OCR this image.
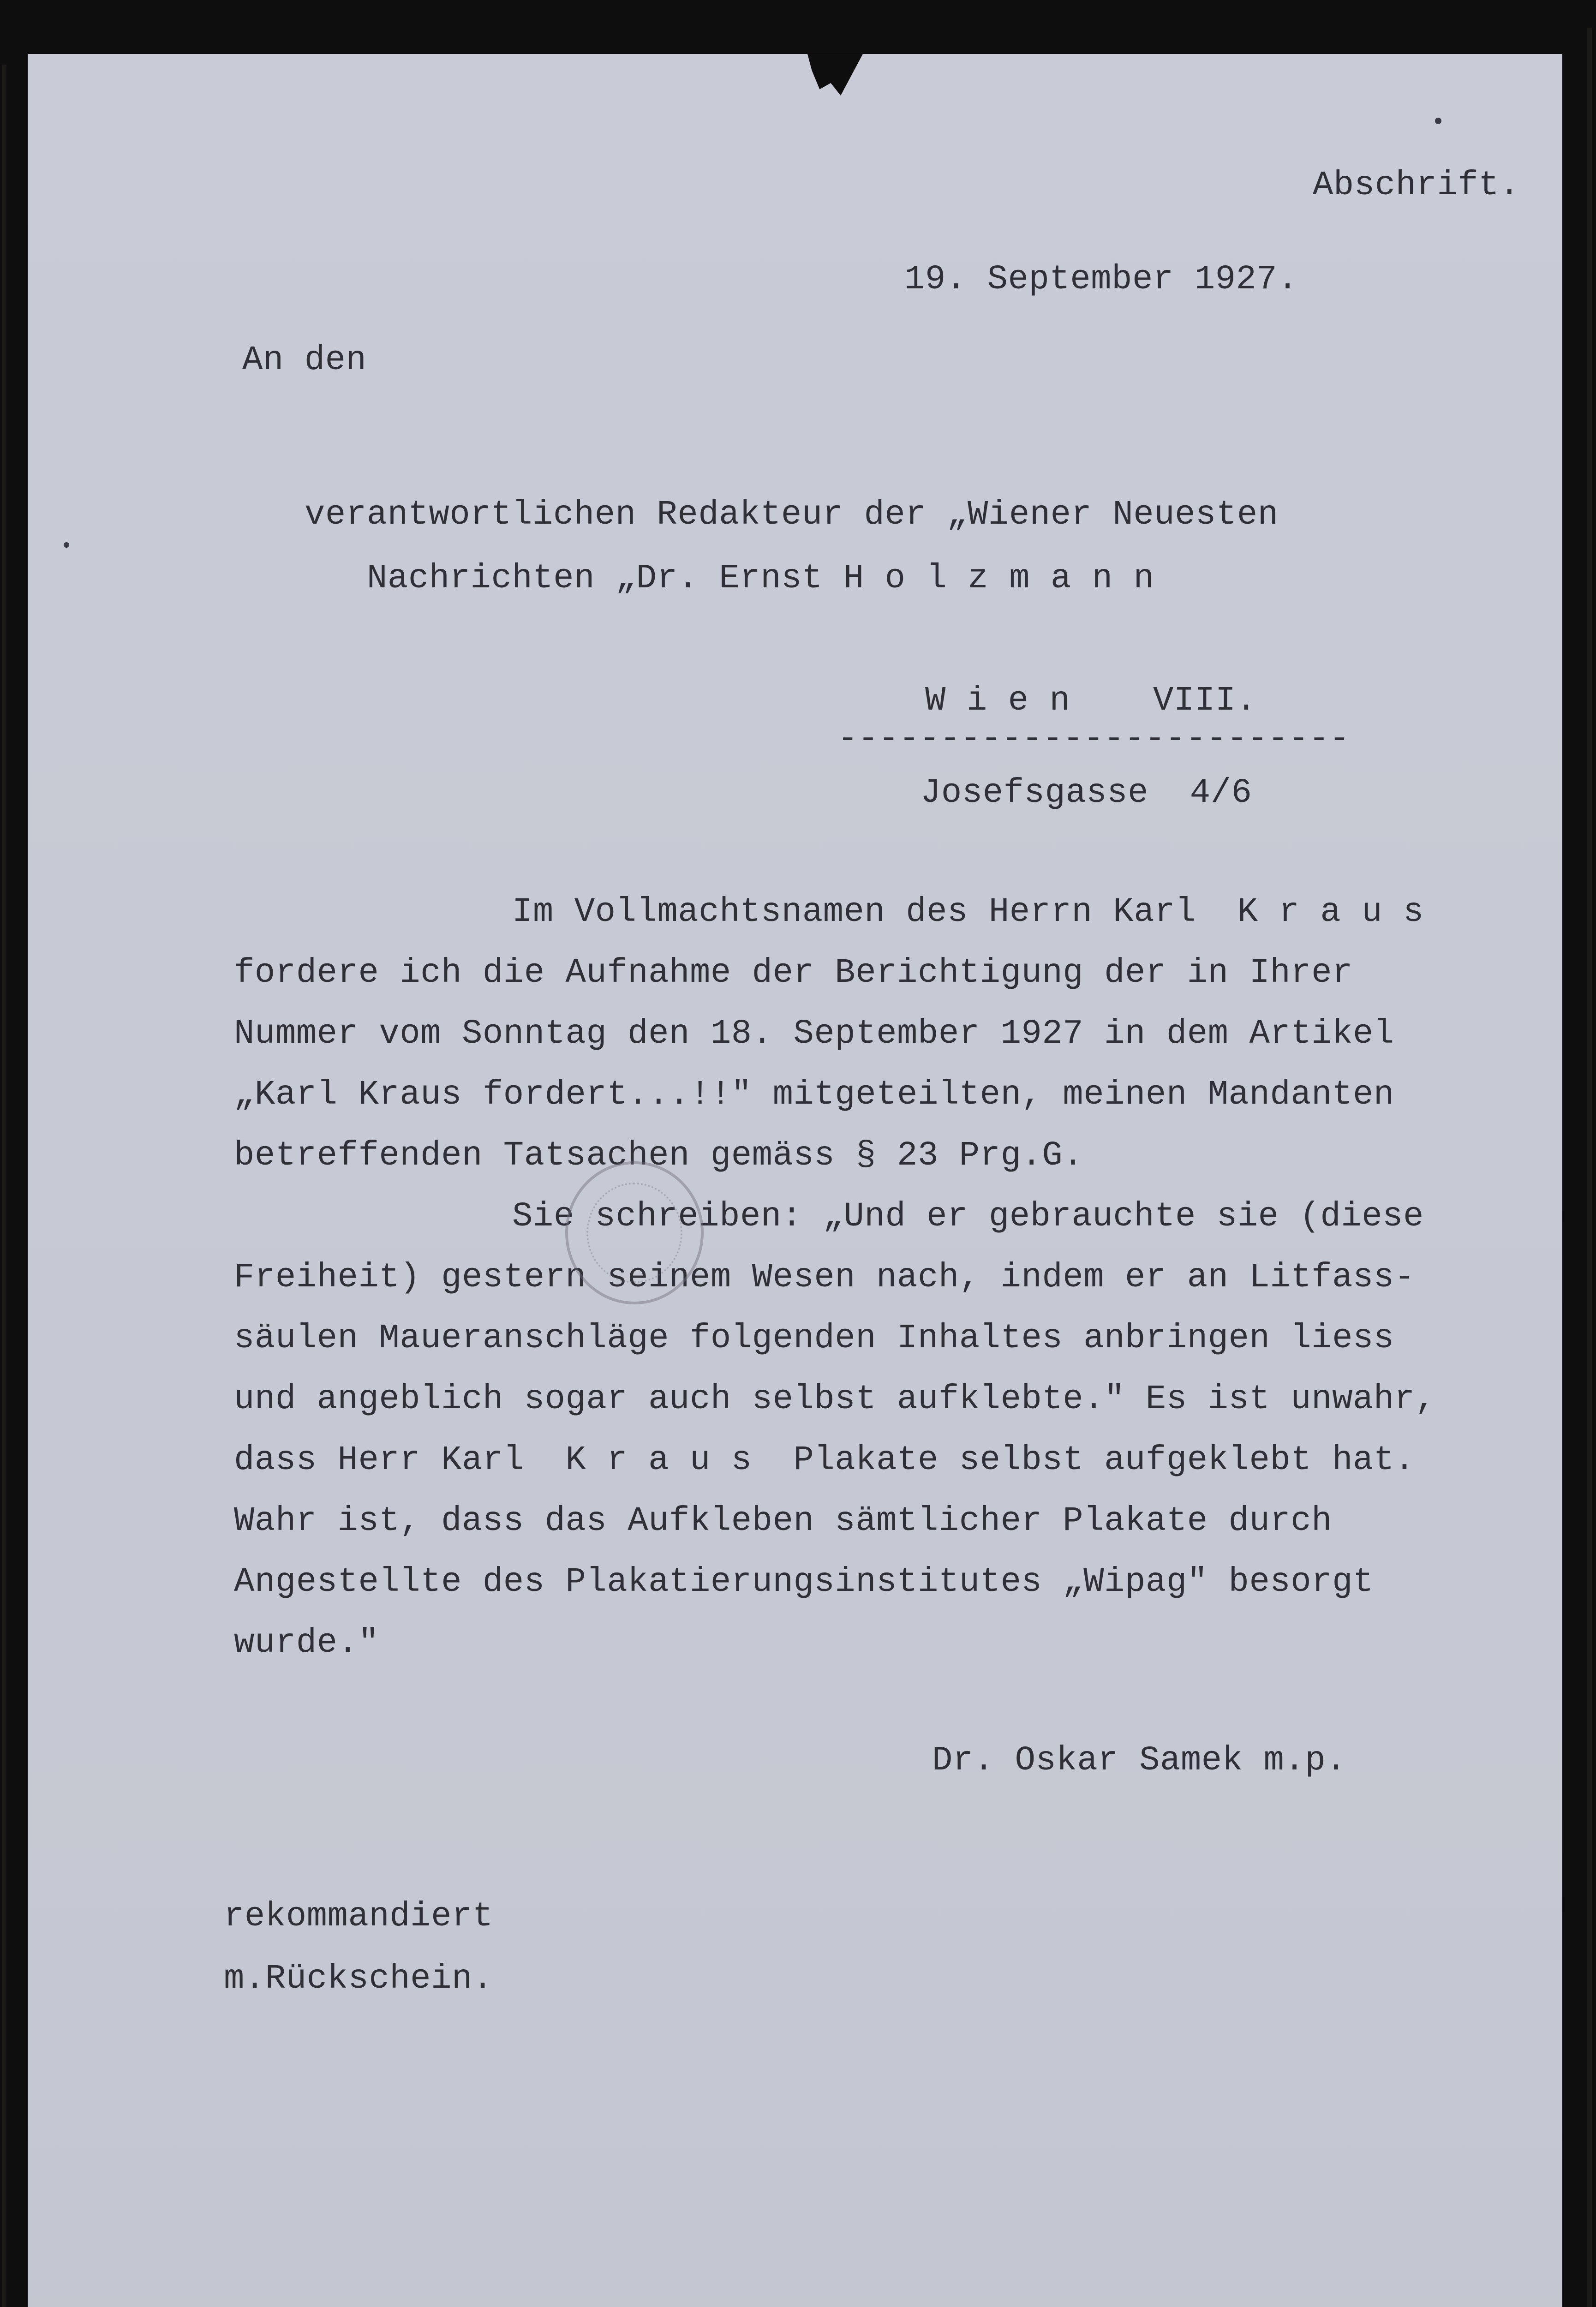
Abschrift.
19. September 1927.
An den
verantwortlichen Redakteur der „Wiener Neuesten
Nachrichten „Dr. Ernst H o l z m a n n
W i e n    VIII.
-------------------------
Josefsgasse  4/6
Im Vollmachtsnamen des Herrn Karl  K r a u s
fordere ich die Aufnahme der Berichtigung der in Ihrer
Nummer vom Sonntag den 18. September 1927 in dem Artikel
„Karl Kraus fordert...!!" mitgeteilten, meinen Mandanten
betreffenden Tatsachen gemäss § 23 Prg.G.
Sie schreiben: „Und er gebrauchte sie (diese
Freiheit) gestern seinem Wesen nach, indem er an Litfass-
säulen Maueranschläge folgenden Inhaltes anbringen liess
und angeblich sogar auch selbst aufklebte." Es ist unwahr,
dass Herr Karl  K r a u s  Plakate selbst aufgeklebt hat.
Wahr ist, dass das Aufkleben sämtlicher Plakate durch
Angestellte des Plakatierungsinstitutes „Wipag" besorgt
wurde."
Dr. Oskar Samek m.p.
rekommandiert
m.Rückschein.
